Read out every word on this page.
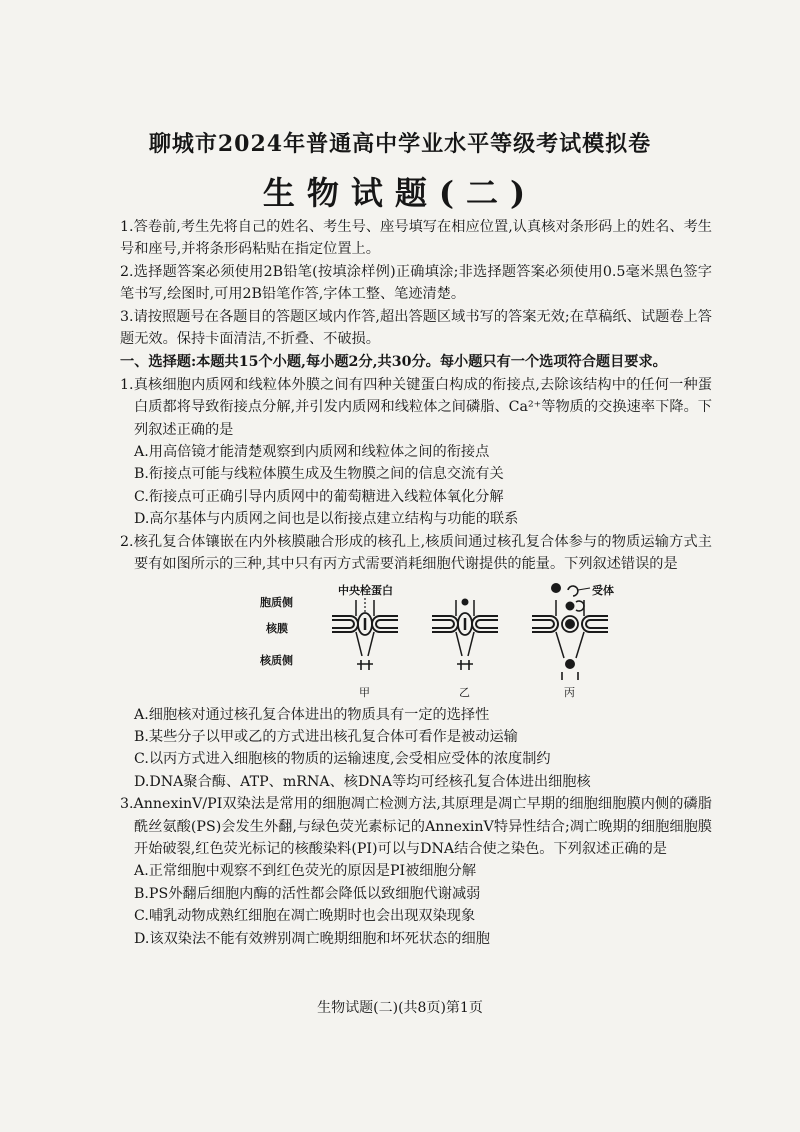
聊城市2024年普通高中学业水平等级考试模拟卷
生物试题(二)

1.答卷前,考生先将自己的姓名、考生号、座号填写在相应位置,认真核对条形码上的姓名、考生号和座号,并将条形码粘贴在指定位置上。

2.选择题答案必须使用2B铅笔(按填涂样例)正确填涂;非选择题答案必须使用0.5毫米黑色签字笔书写,绘图时,可用2B铅笔作答,字体工整、笔迹清楚。

3.请按照题号在各题目的答题区域内作答,超出答题区域书写的答案无效;在草稿纸、试题卷上答题无效。保持卡面清洁,不折叠、不破损。

一、选择题:本题共15个小题,每小题2分,共30分。每小题只有一个选项符合题目要求。

1.真核细胞内质网和线粒体外膜之间有四种关键蛋白构成的衔接点,去除该结构中的任何一种蛋白质都将导致衔接点分解,并引发内质网和线粒体之间磷脂、Ca²⁺等物质的交换速率下降。下列叙述正确的是

A.用高倍镜才能清楚观察到内质网和线粒体之间的衔接点
B.衔接点可能与线粒体膜生成及生物膜之间的信息交流有关
C.衔接点可正确引导内质网中的葡萄糖进入线粒体氧化分解
D.高尔基体与内质网之间也是以衔接点建立结构与功能的联系

2.核孔复合体镶嵌在内外核膜融合形成的核孔上,核质间通过核孔复合体参与的物质运输方式主要有如图所示的三种,其中只有丙方式需要消耗细胞代谢提供的能量。下列叙述错误的是

胞质侧
核膜
核质侧
中央栓蛋白	受体
甲	乙	丙
A.细胞核对通过核孔复合体进出的物质具有一定的选择性
B.某些分子以甲或乙的方式进出核孔复合体可看作是被动运输
C.以丙方式进入细胞核的物质的运输速度,会受相应受体的浓度制约
D.DNA聚合酶、ATP、mRNA、核DNA等均可经核孔复合体进出细胞核

3.AnnexinV/PI双染法是常用的细胞凋亡检测方法,其原理是凋亡早期的细胞细胞膜内侧的磷脂酰丝氨酸(PS)会发生外翻,与绿色荧光素标记的AnnexinV特异性结合;凋亡晚期的细胞细胞膜开始破裂,红色荧光标记的核酸染料(PI)可以与DNA结合使之染色。下列叙述正确的是

A.正常细胞中观察不到红色荧光的原因是PI被细胞分解
B.PS外翻后细胞内酶的活性都会降低以致细胞代谢减弱
C.哺乳动物成熟红细胞在凋亡晚期时也会出现双染现象
D.该双染法不能有效辨别凋亡晚期细胞和坏死状态的细胞
生物试题(二)(共8页)第1页
